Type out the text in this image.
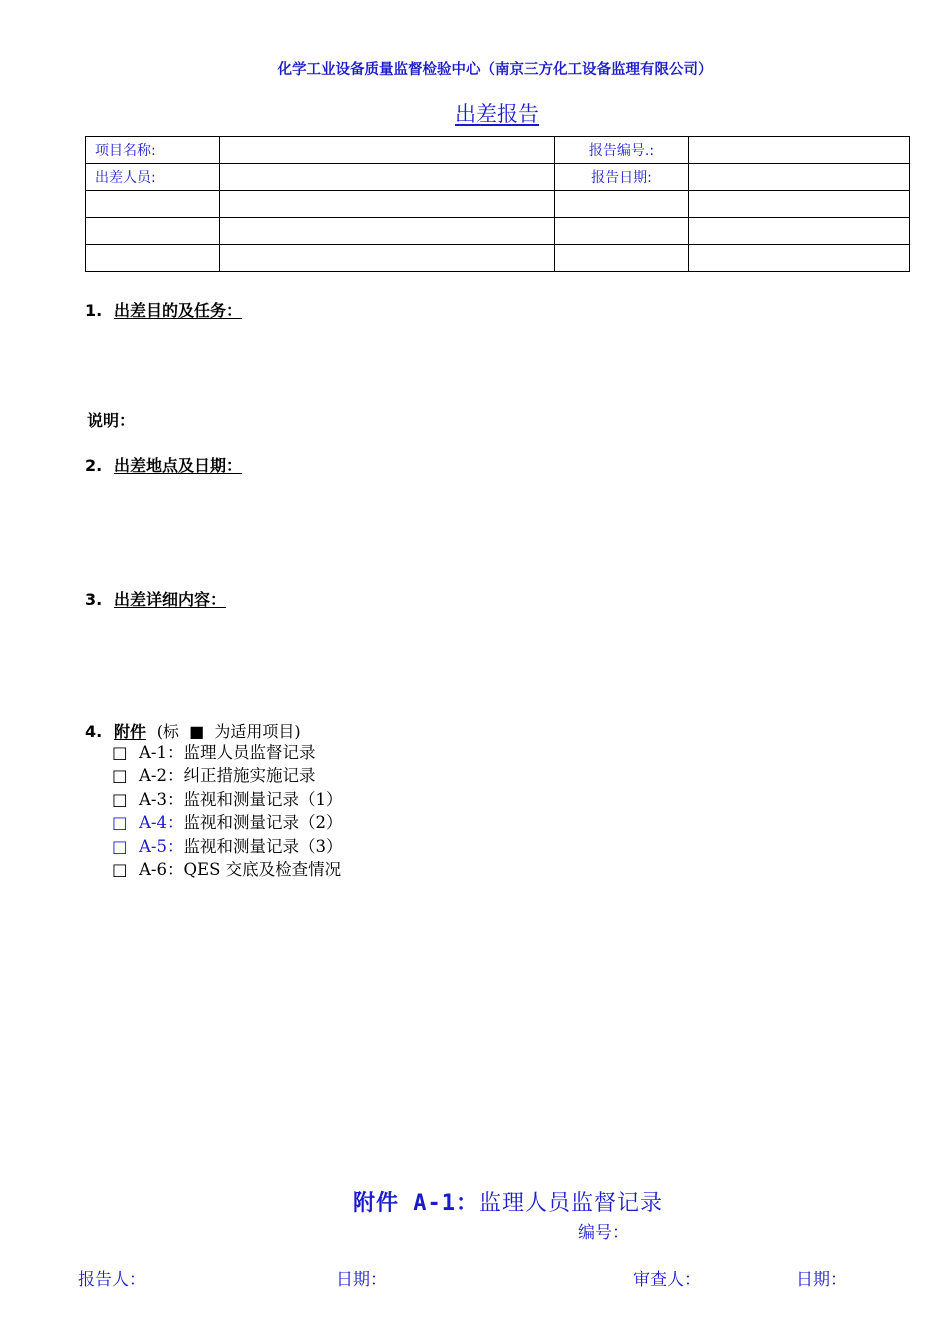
化学工业设备质量监督检验中心（南京三方化工设备监理有限公司）
出差报告
项目名称:		报告编号.:	
出差人员:		报告日期:	

1. 出差目的及任务：
说明：
2. 出差地点及日期：
3. 出差详细内容：
4. 附件 (标 ■ 为适用项目)
□ A-1：监理人员监督记录
□ A-2：纠正措施实施记录
□ A-3：监视和测量记录（1）
□ A-4：监视和测量记录（2）
□ A-5：监视和测量记录（3）
□ A-6：QES 交底及检查情况
附件 A-1：监理人员监督记录
编号：
报告人：	日期：	审查人：	日期：
